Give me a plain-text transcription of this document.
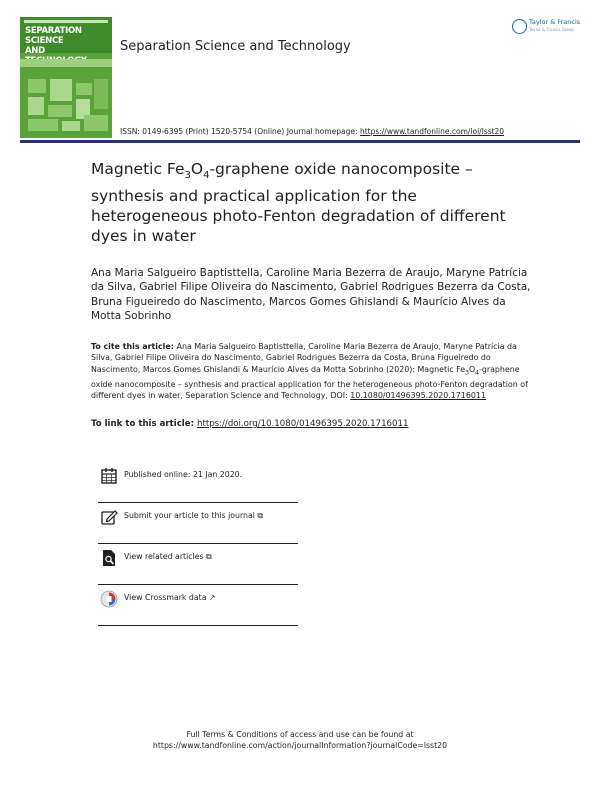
SEPARATION SCIENCE
AND	Separation Science and Technology
Taylor & Francis
Taylor & Francis Group
ISSN: 0149-6395 (Print) 1520-5754 (Online) Journal homepage: https://www.tandfonline.com/loi/lsst20
Magnetic $Fe_3O_4$-graphene oxide nanocomposite – synthesis and practical application for the heterogeneous photo-Fenton degradation of different dyes in water
Ana Maria Salgueiro Baptisttella, Caroline Maria Bezerra de Araujo, Maryne Patrícia da Silva, Gabriel Filipe Oliveira do Nascimento, Gabriel Rodrigues Bezerra da Costa, Bruna Figueiredo do Nascimento, Marcos Gomes Ghislandi & Maurício Alves da Motta Sobrinho
To cite this article: Ana Maria Salgueiro Baptisttella, Caroline Maria Bezerra de Araujo, Maryne Patrícia da Silva, Gabriel Filipe Oliveira do Nascimento, Gabriel Rodrigues Bezerra da Costa, Bruna Figueiredo do Nascimento, Marcos Gomes Ghislandi & Maurício Alves da Motta Sobrinho (2020): Magnetic $Fe_3O_4$-graphene oxide nanocomposite – synthesis and practical application for the heterogeneous photo-Fenton degradation of different dyes in water, Separation Science and Technology, DOI: 10.1080/01496395.2020.1716011
To link to this article: https://doi.org/10.1080/01496395.2020.1716011
Published online: 21 Jan 2020.
Submit your article to this journal ⧉
View related articles ⧉
View Crossmark data ↗
Full Terms & Conditions of access and use can be found at
https://www.tandfonline.com/action/journalInformation?journalCode=lsst20
